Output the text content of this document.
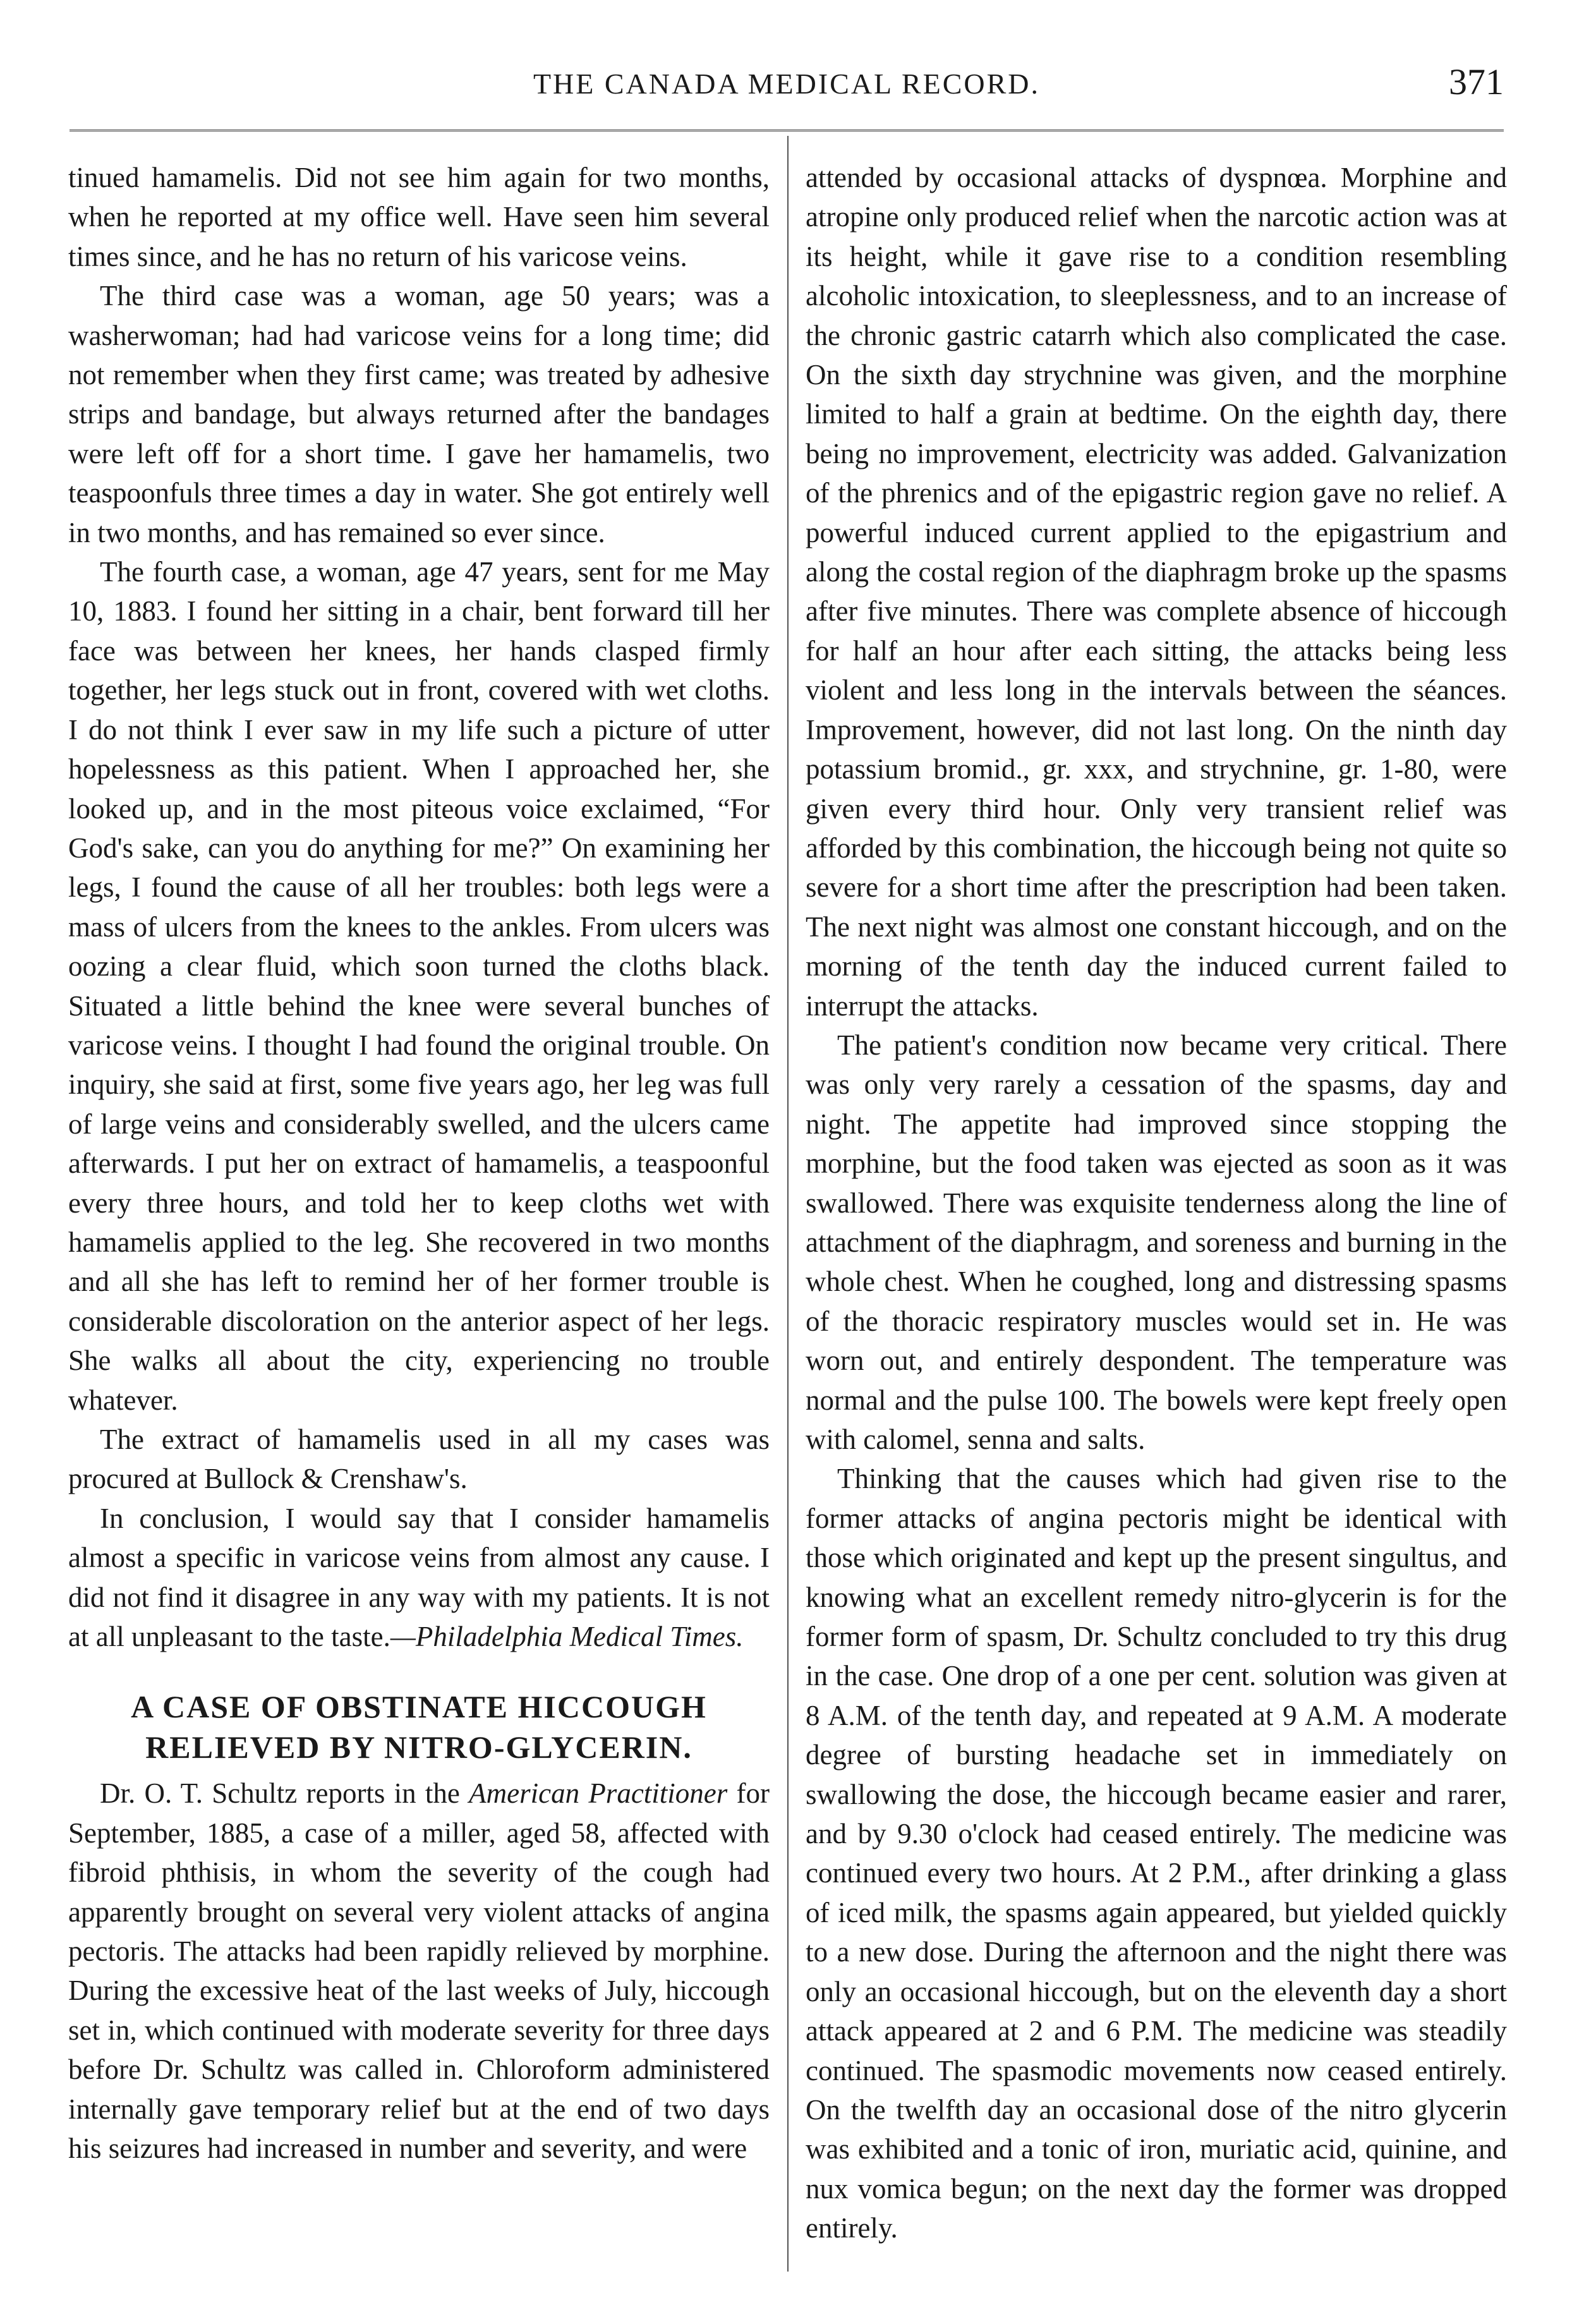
THE CANADA MEDICAL RECORD.	371

tinued hamamelis. Did not see him again for two months, when he reported at my office well. Have seen him several times since, and he has no return of his varicose veins.

The third case was a woman, age 50 years; was a washerwoman; had had varicose veins for a long time; did not remember when they first came; was treated by adhesive strips and bandage, but always returned after the bandages were left off for a short time. I gave her hamamelis, two teaspoonfuls three times a day in water. She got entirely well in two months, and has remained so ever since.

The fourth case, a woman, age 47 years, sent for me May 10, 1883. I found her sitting in a chair, bent forward till her face was between her knees, her hands clasped firmly together, her legs stuck out in front, covered with wet cloths. I do not think I ever saw in my life such a picture of utter hopelessness as this patient. When I approached her, she looked up, and in the most piteous voice exclaimed, “For God's sake, can you do anything for me?” On examining her legs, I found the cause of all her troubles: both legs were a mass of ulcers from the knees to the ankles. From ulcers was oozing a clear fluid, which soon turned the cloths black. Situated a little behind the knee were several bunches of varicose veins. I thought I had found the original trouble. On inquiry, she said at first, some five years ago, her leg was full of large veins and considerably swelled, and the ulcers came afterwards. I put her on extract of hamamelis, a teaspoonful every three hours, and told her to keep cloths wet with hamamelis applied to the leg. She recovered in two months and all she has left to remind her of her former trouble is considerable discoloration on the anterior aspect of her legs. She walks all about the city, experiencing no trouble whatever.

The extract of hamamelis used in all my cases was procured at Bullock & Crenshaw's.

In conclusion, I would say that I consider hamamelis almost a specific in varicose veins from almost any cause. I did not find it disagree in any way with my patients. It is not at all unpleasant to the taste.—Philadelphia Medical Times.

A CASE OF OBSTINATE HICCOUGH RELIEVED BY NITRO-GLYCERIN.

Dr. O. T. Schultz reports in the American Practitioner for September, 1885, a case of a miller, aged 58, affected with fibroid phthisis, in whom the severity of the cough had apparently brought on several very violent attacks of angina pectoris. The attacks had been rapidly relieved by morphine. During the excessive heat of the last weeks of July, hiccough set in, which continued with moderate severity for three days before Dr. Schultz was called in. Chloroform administered internally gave temporary relief but at the end of two days his seizures had increased in number and severity, and were

attended by occasional attacks of dyspnœa. Morphine and atropine only produced relief when the narcotic action was at its height, while it gave rise to a condition resembling alcoholic intoxication, to sleeplessness, and to an increase of the chronic gastric catarrh which also complicated the case. On the sixth day strychnine was given, and the morphine limited to half a grain at bedtime. On the eighth day, there being no improvement, electricity was added. Galvanization of the phrenics and of the epigastric region gave no relief. A powerful induced current applied to the epigastrium and along the costal region of the diaphragm broke up the spasms after five minutes. There was complete absence of hiccough for half an hour after each sitting, the attacks being less violent and less long in the intervals between the séances. Improvement, however, did not last long. On the ninth day potassium bromid., gr. xxx, and strychnine, gr. 1-80, were given every third hour. Only very transient relief was afforded by this combination, the hiccough being not quite so severe for a short time after the prescription had been taken. The next night was almost one constant hiccough, and on the morning of the tenth day the induced current failed to interrupt the attacks.

The patient's condition now became very critical. There was only very rarely a cessation of the spasms, day and night. The appetite had improved since stopping the morphine, but the food taken was ejected as soon as it was swallowed. There was exquisite tenderness along the line of attachment of the diaphragm, and soreness and burning in the whole chest. When he coughed, long and distressing spasms of the thoracic respiratory muscles would set in. He was worn out, and entirely despondent. The temperature was normal and the pulse 100. The bowels were kept freely open with calomel, senna and salts.

Thinking that the causes which had given rise to the former attacks of angina pectoris might be identical with those which originated and kept up the present singultus, and knowing what an excellent remedy nitro-glycerin is for the former form of spasm, Dr. Schultz concluded to try this drug in the case. One drop of a one per cent. solution was given at 8 A.M. of the tenth day, and repeated at 9 A.M. A moderate degree of bursting headache set in immediately on swallowing the dose, the hiccough became easier and rarer, and by 9.30 o'clock had ceased entirely. The medicine was continued every two hours. At 2 P.M., after drinking a glass of iced milk, the spasms again appeared, but yielded quickly to a new dose. During the afternoon and the night there was only an occasional hiccough, but on the eleventh day a short attack appeared at 2 and 6 P.M. The medicine was steadily continued. The spasmodic movements now ceased entirely. On the twelfth day an occasional dose of the nitro glycerin was exhibited and a tonic of iron, muriatic acid, quinine, and nux vomica begun; on the next day the former was dropped entirely.
